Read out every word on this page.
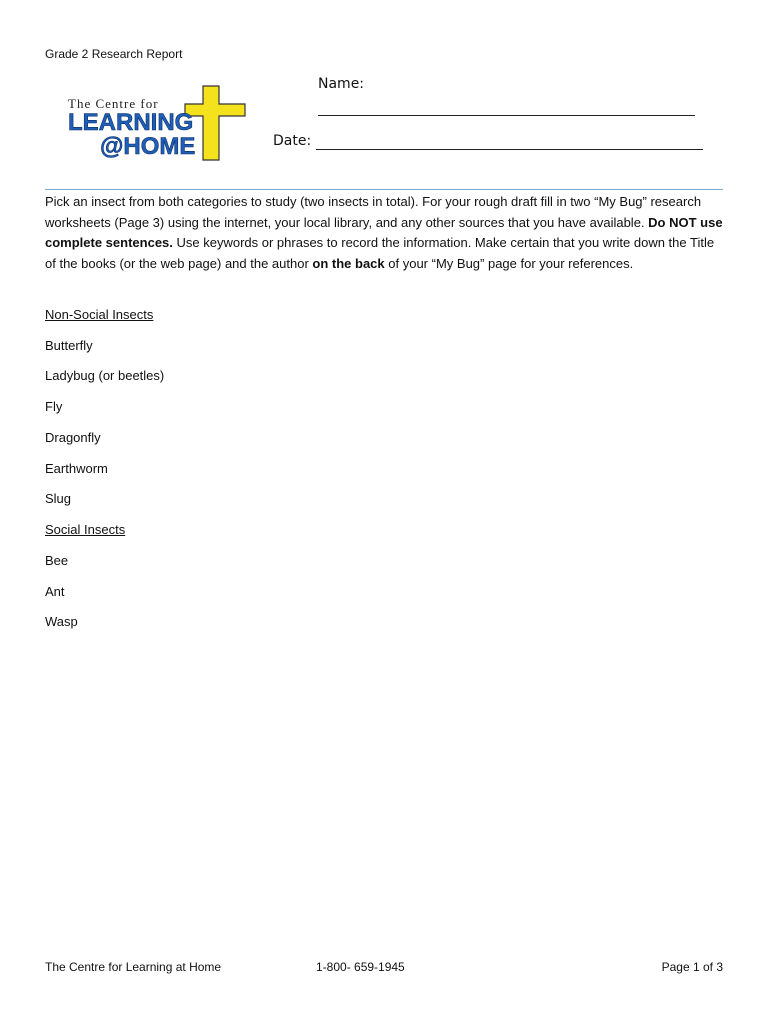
Grade 2 Research Report
The Centre for
LEARNING
@HOME
Name:
Date:
Pick an insect from both categories to study (two insects in total). For your rough draft fill in two “My Bug” research worksheets (Page 3) using the internet, your local library, and any other sources that you have available. Do NOT use complete sentences. Use keywords or phrases to record the information. Make certain that you write down the Title of the books (or the web page) and the author on the back of your “My Bug” page for your references.
Non-Social Insects
Butterfly
Ladybug (or beetles)
Fly
Dragonfly
Earthworm
Slug
Social Insects
Bee
Ant
Wasp
The Centre for Learning at Home	1-800- 659-1945	Page 1 of 3
